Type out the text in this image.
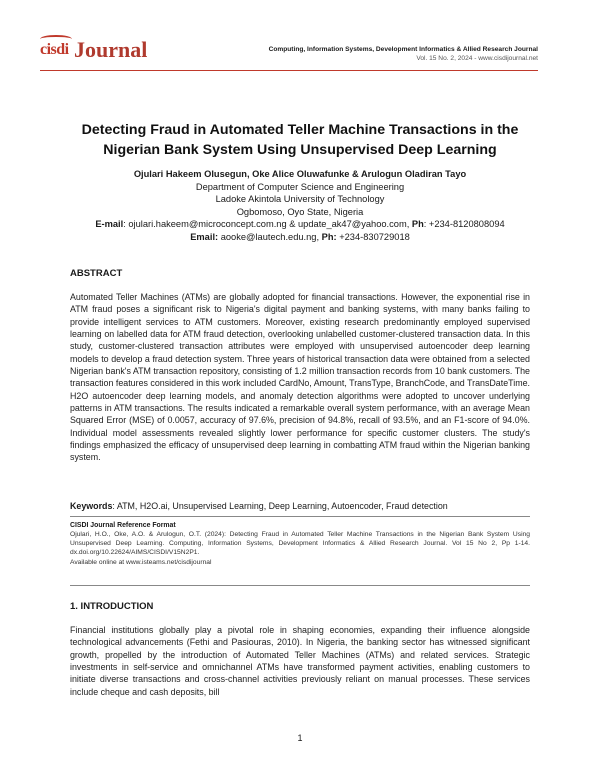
cisdi Journal	Computing, Information Systems, Development Informatics & Allied Research Journal
Vol. 15 No. 2, 2024 - www.cisdijournal.net
Detecting Fraud in Automated Teller Machine Transactions in the
Nigerian Bank System Using Unsupervised Deep Learning
Ojulari Hakeem Olusegun, Oke Alice Oluwafunke & Arulogun Oladiran Tayo
Department of Computer Science and Engineering
Ladoke Akintola University of Technology
Ogbomoso, Oyo State, Nigeria
E-mail: ojulari.hakeem@microconcept.com.ng & update_ak47@yahoo.com, Ph: +234-8120808094
Email: aooke@lautech.edu.ng, Ph: +234-830729018
ABSTRACT
Automated Teller Machines (ATMs) are globally adopted for financial transactions. However, the exponential rise in ATM fraud poses a significant risk to Nigeria's digital payment and banking systems, with many banks failing to provide intelligent services to ATM customers. Moreover, existing research predominantly employed supervised learning on labelled data for ATM fraud detection, overlooking unlabelled customer-clustered transaction data. In this study, customer-clustered transaction attributes were employed with unsupervised autoencoder deep learning models to develop a fraud detection system. Three years of historical transaction data were obtained from a selected Nigerian bank's ATM transaction repository, consisting of 1.2 million transaction records from 10 bank customers. The transaction features considered in this work included CardNo, Amount, TransType, BranchCode, and TransDateTime. H2O autoencoder deep learning models, and anomaly detection algorithms were adopted to uncover underlying patterns in ATM transactions. The results indicated a remarkable overall system performance, with an average Mean Squared Error (MSE) of 0.0057, accuracy of 97.6%, precision of 94.8%, recall of 93.5%, and an F1-score of 94.0%. Individual model assessments revealed slightly lower performance for specific customer clusters. The study's findings emphasized the efficacy of unsupervised deep learning in combatting ATM fraud within the Nigerian banking system.
Keywords: ATM, H2O.ai, Unsupervised Learning, Deep Learning, Autoencoder, Fraud detection
CISDI Journal Reference Format
Ojulari, H.O., Oke, A.O. & Arulogun, O.T. (2024): Detecting Fraud in Automated Teller Machine Transactions in the Nigerian Bank System Using Unsupervised Deep Learning. Computing, Information Systems, Development Informatics & Allied Research Journal. Vol 15 No 2, Pp 1-14. dx.doi.org/10.22624/AIMS/CISDI/V15N2P1.
Available online at www.isteams.net/cisdijournal
1. INTRODUCTION
Financial institutions globally play a pivotal role in shaping economies, expanding their influence alongside technological advancements (Fethi and Pasiouras, 2010). In Nigeria, the banking sector has witnessed significant growth, propelled by the introduction of Automated Teller Machines (ATMs) and related services. Strategic investments in self-service and omnichannel ATMs have transformed payment activities, enabling customers to initiate diverse transactions and cross-channel activities previously reliant on manual processes. These services include cheque and cash deposits, bill
1
